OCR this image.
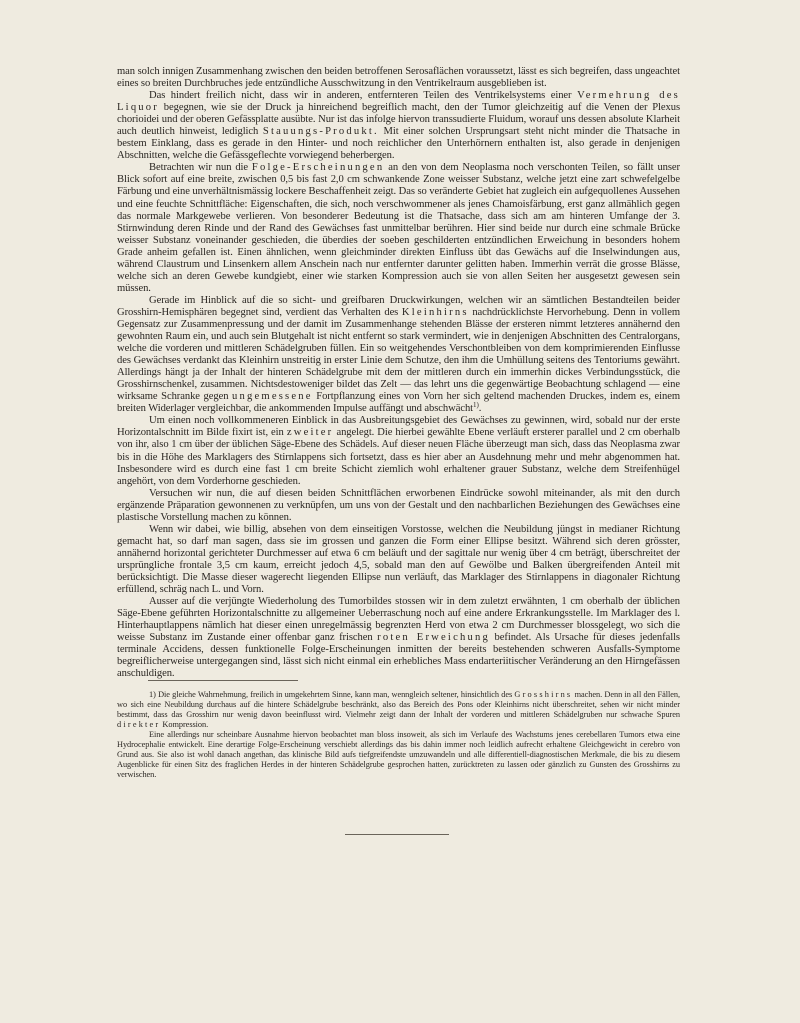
man solch innigen Zusammenhang zwischen den beiden betroffenen Serosaflächen voraussetzt, lässt es sich begreifen, dass ungeachtet eines so breiten Durchbruches jede entzündliche Ausschwitzung in den Ventrikelraum ausgeblieben ist.

Das hindert freilich nicht, dass wir in anderen, entfernteren Teilen des Ventrikelsystems einer Vermehrung des Liquor begegnen, wie sie der Druck ja hinreichend begreiflich macht, den der Tumor gleichzeitig auf die Venen der Plexus chorioidei und der oberen Gefässplatte ausübte. Nur ist das infolge hiervon transsudierte Fluidum, worauf uns dessen absolute Klarheit auch deutlich hinweist, lediglich Stauungs-Produkt. Mit einer solchen Ursprungsart steht nicht minder die Thatsache in bestem Einklang, dass es gerade in den Hinter- und noch reichlicher den Unterhörnern enthalten ist, also gerade in denjenigen Abschnitten, welche die Gefässgeflechte vorwiegend beherbergen.

Betrachten wir nun die Folge-Erscheinungen an den von dem Neoplasma noch verschonten Teilen, so fällt unser Blick sofort auf eine breite, zwischen 0,5 bis fast 2,0 cm schwankende Zone weisser Substanz, welche jetzt eine zart schwefelgelbe Färbung und eine unverhältnismässig lockere Beschaffenheit zeigt. Das so veränderte Gebiet hat zugleich ein aufgequollenes Aussehen und eine feuchte Schnittfläche: Eigenschaften, die sich, noch verschwommener als jenes Chamoisfärbung, erst ganz allmählich gegen das normale Markgewebe verlieren. Von besonderer Bedeutung ist die Thatsache, dass sich am am hinteren Umfange der 3. Stirnwindung deren Rinde und der Rand des Gewächses fast unmittelbar berühren. Hier sind beide nur durch eine schmale Brücke weisser Substanz voneinander geschieden, die überdies der soeben geschilderten entzündlichen Erweichung in besonders hohem Grade anheim gefallen ist. Einen ähnlichen, wenn gleichminder direkten Einfluss übt das Gewächs auf die Inselwindungen aus, während Claustrum und Linsenkern allem Anschein nach nur entfernter darunter gelitten haben. Immerhin verrät die grosse Blässe, welche sich an deren Gewebe kundgiebt, einer wie starken Kompression auch sie von allen Seiten her ausgesetzt gewesen sein müssen.

Gerade im Hinblick auf die so sicht- und greifbaren Druckwirkungen, welchen wir an sämtlichen Bestandteilen beider Grosshirn-Hemisphären begegnet sind, verdient das Verhalten des Kleinhirns nachdrücklichste Hervorhebung. Denn in vollem Gegensatz zur Zusammenpressung und der damit im Zusammenhange stehenden Blässe der ersteren nimmt letzteres annähernd den gewohnten Raum ein, und auch sein Blutgehalt ist nicht entfernt so stark vermindert, wie in denjenigen Abschnitten des Centralorgans, welche die vorderen und mittleren Schädelgruben füllen. Ein so weitgehendes Verschontbleiben von dem komprimierenden Einflusse des Gewächses verdankt das Kleinhirn unstreitig in erster Linie dem Schutze, den ihm die Umhüllung seitens des Tentoriums gewährt. Allerdings hängt ja der Inhalt der hinteren Schädelgrube mit dem der mittleren durch ein immerhin dickes Verbindungsstück, die Grosshirnschenkel, zusammen. Nichtsdestoweniger bildet das Zelt — das lehrt uns die gegenwärtige Beobachtung schlagend — eine wirksame Schranke gegen ungemessene Fortpflanzung eines von Vorn her sich geltend machenden Druckes, indem es, einem breiten Widerlager vergleichbar, die ankommenden Impulse auffängt und abschwächt$^{1)}$.

Um einen noch vollkommeneren Einblick in das Ausbreitungsgebiet des Gewächses zu gewinnen, wird, sobald nur der erste Horizontalschnitt im Bilde fixirt ist, ein zweiter angelegt. Die hierbei gewählte Ebene verläuft ersterer parallel und 2 cm oberhalb von ihr, also 1 cm über der üblichen Säge-Ebene des Schädels. Auf dieser neuen Fläche überzeugt man sich, dass das Neoplasma zwar bis in die Höhe des Marklagers des Stirnlappens sich fortsetzt, dass es hier aber an Ausdehnung mehr und mehr abgenommen hat. Insbesondere wird es durch eine fast 1 cm breite Schicht ziemlich wohl erhaltener grauer Substanz, welche dem Streifenhügel angehört, von dem Vorderhorne geschieden.

Versuchen wir nun, die auf diesen beiden Schnittflächen erworbenen Eindrücke sowohl miteinander, als mit den durch ergänzende Präparation gewonnenen zu verknüpfen, um uns von der Gestalt und den nachbarlichen Beziehungen des Gewächses eine plastische Vorstellung machen zu können.

Wenn wir dabei, wie billig, absehen von dem einseitigen Vorstosse, welchen die Neubildung jüngst in medianer Richtung gemacht hat, so darf man sagen, dass sie im grossen und ganzen die Form einer Ellipse besitzt. Während sich deren grösster, annähernd horizontal gerichteter Durchmesser auf etwa 6 cm beläuft und der sagittale nur wenig über 4 cm beträgt, überschreitet der ursprüngliche frontale 3,5 cm kaum, erreicht jedoch 4,5, sobald man den auf Gewölbe und Balken übergreifenden Anteil mit berücksichtigt. Die Masse dieser wagerecht liegenden Ellipse nun verläuft, das Marklager des Stirnlappens in diagonaler Richtung erfüllend, schräg nach L. und Vorn.

Ausser auf die verjüngte Wiederholung des Tumorbildes stossen wir in dem zuletzt erwähnten, 1 cm oberhalb der üblichen Säge-Ebene geführten Horizontalschnitte zu allgemeiner Ueberraschung noch auf eine andere Erkrankungsstelle. Im Marklager des l. Hinterhauptlappens nämlich hat dieser einen unregelmässig begrenzten Herd von etwa 2 cm Durchmesser blossgelegt, wo sich die weisse Substanz im Zustande einer offenbar ganz frischen roten Erweichung befindet. Als Ursache für dieses jedenfalls terminale Accidens, dessen funktionelle Folge-Erscheinungen inmitten der bereits bestehenden schweren Ausfalls-Symptome begreiflicherweise untergegangen sind, lässt sich nicht einmal ein erhebliches Mass endarteriitischer Veränderung an den Hirngefässen anschuldigen.

1) Die gleiche Wahrnehmung, freilich in umgekehrtem Sinne, kann man, wenngleich seltener, hinsichtlich des Grosshirns machen. Denn in all den Fällen, wo sich eine Neubildung durchaus auf die hintere Schädelgrube beschränkt, also das Bereich des Pons oder Kleinhirns nicht überschreitet, sehen wir nicht minder bestimmt, dass das Grosshirn nur wenig davon beeinflusst wird. Vielmehr zeigt dann der Inhalt der vorderen und mittleren Schädelgruben nur schwache Spuren direkter Kompression.

Eine allerdings nur scheinbare Ausnahme hiervon beobachtet man bloss insoweit, als sich im Verlaufe des Wachstums jenes cerebellaren Tumors etwa eine Hydrocephalie entwickelt. Eine derartige Folge-Erscheinung verschiebt allerdings das bis dahin immer noch leidlich aufrecht erhaltene Gleichgewicht in cerebro von Grund aus. Sie also ist wohl danach angethan, das klinische Bild aufs tiefgreifendste umzuwandeln und alle differentiell-diagnostischen Merkmale, die bis zu diesem Augenblicke für einen Sitz des fraglichen Herdes in der hinteren Schädelgrube gesprochen hatten, zurücktreten zu lassen oder gänzlich zu Gunsten des Grosshirns zu verwischen.
